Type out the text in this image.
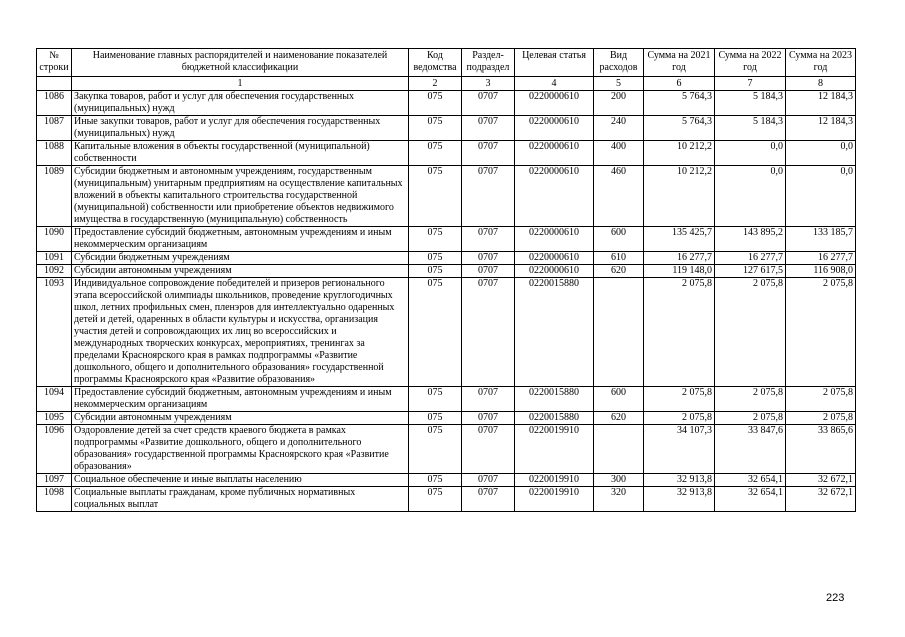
№ строки	Наименование главных распорядителей и наименование показателей бюджетной классификации	Код ведомства	Раздел-подраздел	Целевая статья	Вид расходов	Сумма на 2021 год	Сумма на 2022 год	Сумма на 2023 год
	1	2	3	4	5	6	7	8
1086	Закупка товаров, работ и услуг для обеспечения государственных (муниципальных) нужд	075	0707	0220000610	200	5 764,3	5 184,3	12 184,3
1087	Иные закупки товаров, работ и услуг для обеспечения государственных (муниципальных) нужд	075	0707	0220000610	240	5 764,3	5 184,3	12 184,3
1088	Капитальные вложения в объекты государственной (муниципальной) собственности	075	0707	0220000610	400	10 212,2	0,0	0,0
1089	Субсидии бюджетным и автономным учреждениям, государственным (муниципальным) унитарным предприятиям на осуществление капитальных вложений в объекты капитального строительства государственной (муниципальной) собственности или приобретение объектов недвижимого имущества в государственную (муниципальную) собственность	075	0707	0220000610	460	10 212,2	0,0	0,0
1090	Предоставление субсидий бюджетным, автономным учреждениям и иным некоммерческим организациям	075	0707	0220000610	600	135 425,7	143 895,2	133 185,7
1091	Субсидии бюджетным учреждениям	075	0707	0220000610	610	16 277,7	16 277,7	16 277,7
1092	Субсидии автономным учреждениям	075	0707	0220000610	620	119 148,0	127 617,5	116 908,0
1093	Индивидуальное сопровождение победителей и призеров регионального этапа всероссийской олимпиады школьников, проведение круглогодичных школ, летних профильных смен, пленэров для интеллектуально одаренных детей и детей, одаренных в области культуры и искусства, организация участия детей и сопровождающих их лиц во всероссийских и международных творческих конкурсах, мероприятиях, тренингах за пределами Красноярского края в рамках подпрограммы «Развитие дошкольного, общего и дополнительного образования» государственной программы Красноярского края «Развитие образования»	075	0707	0220015880		2 075,8	2 075,8	2 075,8
1094	Предоставление субсидий бюджетным, автономным учреждениям и иным некоммерческим организациям	075	0707	0220015880	600	2 075,8	2 075,8	2 075,8
1095	Субсидии автономным учреждениям	075	0707	0220015880	620	2 075,8	2 075,8	2 075,8
1096	Оздоровление детей за счет средств краевого бюджета в рамках подпрограммы «Развитие дошкольного, общего и дополнительного образования» государственной программы Красноярского края «Развитие образования»	075	0707	0220019910		34 107,3	33 847,6	33 865,6
1097	Социальное обеспечение и иные выплаты населению	075	0707	0220019910	300	32 913,8	32 654,1	32 672,1
1098	Социальные выплаты гражданам, кроме публичных нормативных социальных выплат	075	0707	0220019910	320	32 913,8	32 654,1	32 672,1
223
